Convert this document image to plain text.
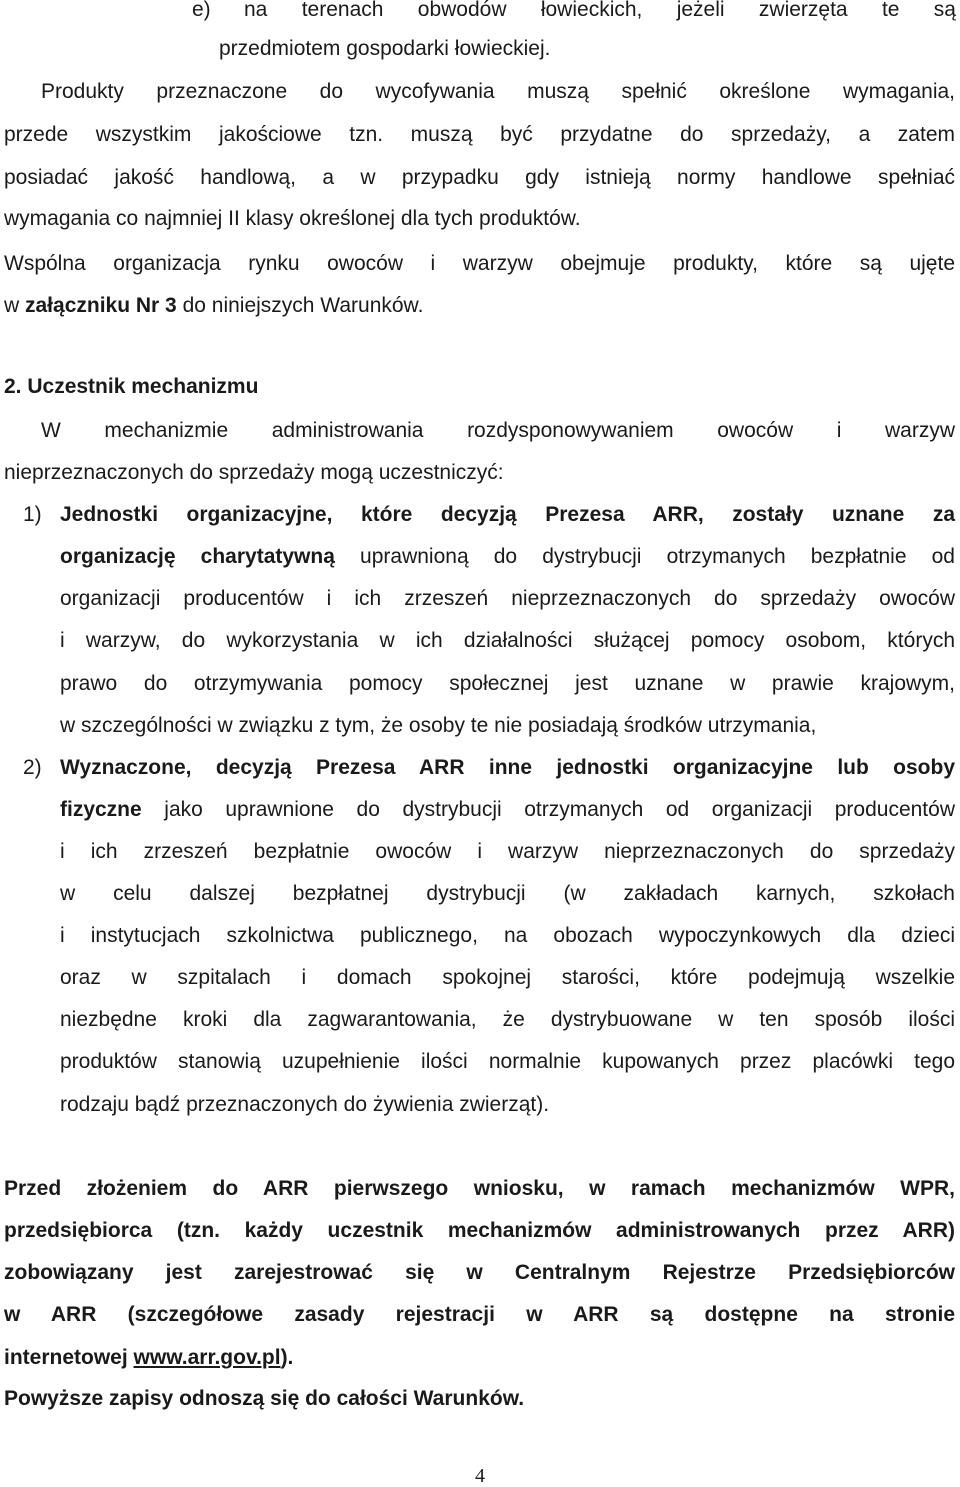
e) na terenach obwodów łowieckich, jeżeli zwierzęta te są
przedmiotem gospodarki łowieckiej.
Produkty przeznaczone do wycofywania muszą spełnić określone wymagania,
przede wszystkim jakościowe tzn. muszą być przydatne do sprzedaży, a zatem
posiadać jakość handlową, a w przypadku gdy istnieją normy handlowe spełniać
wymagania co najmniej II klasy określonej dla tych produktów.
Wspólna organizacja rynku owoców i warzyw obejmuje produkty, które są ujęte
w załączniku Nr 3 do niniejszych Warunków.
2. Uczestnik mechanizmu
W mechanizmie administrowania rozdysponowywaniem owoców i warzyw
nieprzeznaczonych do sprzedaży mogą uczestniczyć:
1) Jednostki organizacyjne, które decyzją Prezesa ARR, zostały uznane za
organizację charytatywną uprawnioną do dystrybucji otrzymanych bezpłatnie od
organizacji producentów i ich zrzeszeń nieprzeznaczonych do sprzedaży owoców
i warzyw, do wykorzystania w ich działalności służącej pomocy osobom, których
prawo do otrzymywania pomocy społecznej jest uznane w prawie krajowym,
w szczególności w związku z tym, że osoby te nie posiadają środków utrzymania,
2) Wyznaczone, decyzją Prezesa ARR inne jednostki organizacyjne lub osoby
fizyczne jako uprawnione do dystrybucji otrzymanych od organizacji producentów
i ich zrzeszeń bezpłatnie owoców i warzyw nieprzeznaczonych do sprzedaży
w celu dalszej bezpłatnej dystrybucji (w zakładach karnych, szkołach
i instytucjach szkolnictwa publicznego, na obozach wypoczynkowych dla dzieci
oraz w szpitalach i domach spokojnej starości, które podejmują wszelkie
niezbędne kroki dla zagwarantowania, że dystrybuowane w ten sposób ilości
produktów stanowią uzupełnienie ilości normalnie kupowanych przez placówki tego
rodzaju bądź przeznaczonych do żywienia zwierząt).
Przed złożeniem do ARR pierwszego wniosku, w ramach mechanizmów WPR,
przedsiębiorca (tzn. każdy uczestnik mechanizmów administrowanych przez ARR)
zobowiązany jest zarejestrować się w Centralnym Rejestrze Przedsiębiorców
w ARR (szczegółowe zasady rejestracji w ARR są dostępne na stronie
internetowej www.arr.gov.pl).
Powyższe zapisy odnoszą się do całości Warunków.
4
